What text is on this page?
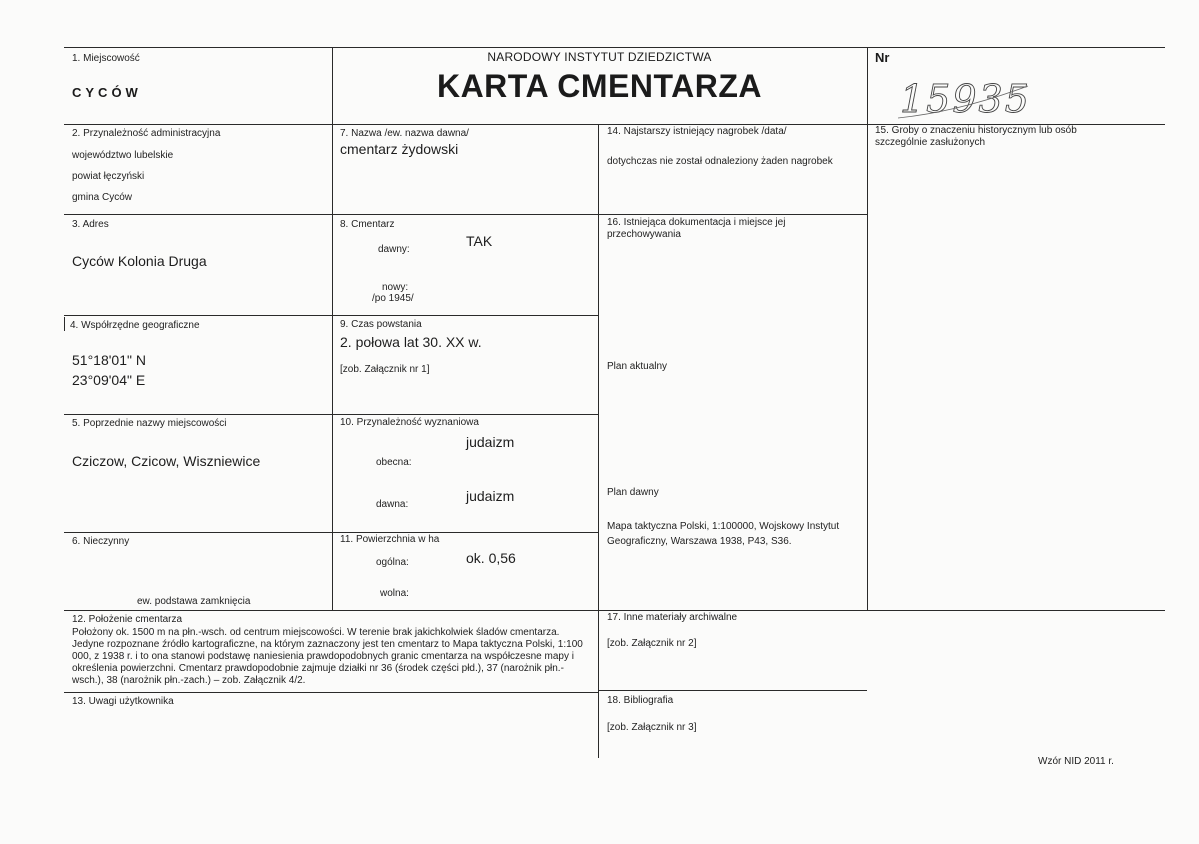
1. Miejscowość
CYCÓW
NARODOWY INSTYTUT DZIEDZICTWA
KARTA CMENTARZA
Nr
15935
2. Przynależność administracyjna
województwo lubelskie
powiat łęczyński
gmina Cyców
3. Adres
Cyców Kolonia Druga
4. Współrzędne geograficzne
51°18'01" N
23°09'04" E
5. Poprzednie nazwy miejscowości
Cziczow, Czicow, Wiszniewice
6. Nieczynny
ew. podstawa zamknięcia
12. Położenie cmentarza
Położony ok. 1500 m na płn.-wsch. od centrum miejscowości. W terenie brak jakichkolwiek śladów cmentarza. Jedyne rozpoznane źródło kartograficzne, na którym zaznaczony jest ten cmentarz to Mapa taktyczna Polski, 1:100 000, z 1938 r. i to ona stanowi podstawę naniesienia prawdopodobnych granic cmentarza na współczesne mapy i określenia powierzchni. Cmentarz prawdopodobnie zajmuje działki nr 36 (środek części płd.), 37 (narożnik płn.-wsch.), 38 (narożnik płn.-zach.) – zob. Załącznik 4/2.
13. Uwagi użytkownika
7. Nazwa /ew. nazwa dawna/
cmentarz żydowski
8. Cmentarz
dawny:
TAK
nowy:
/po 1945/
9. Czas powstania
2. połowa lat 30. XX w.
[zob. Załącznik nr 1]
10. Przynależność wyznaniowa
judaizm
obecna:
judaizm
dawna:
11. Powierzchnia w ha
ogólna:	ok. 0,56
wolna:
14. Najstarszy istniejący nagrobek /data/
dotychczas nie został odnaleziony żaden nagrobek
16. Istniejąca dokumentacja i miejsce jej
przechowywania
Plan aktualny
Plan dawny
Mapa taktyczna Polski, 1:100000, Wojskowy Instytut
Geograficzny, Warszawa 1938, P43, S36.
17. Inne materiały archiwalne
[zob. Załącznik nr 2]
18. Bibliografia
[zob. Załącznik nr 3]
15. Groby o znaczeniu historycznym lub osób
szczególnie zasłużonych
Wzór NID 2011 r.
